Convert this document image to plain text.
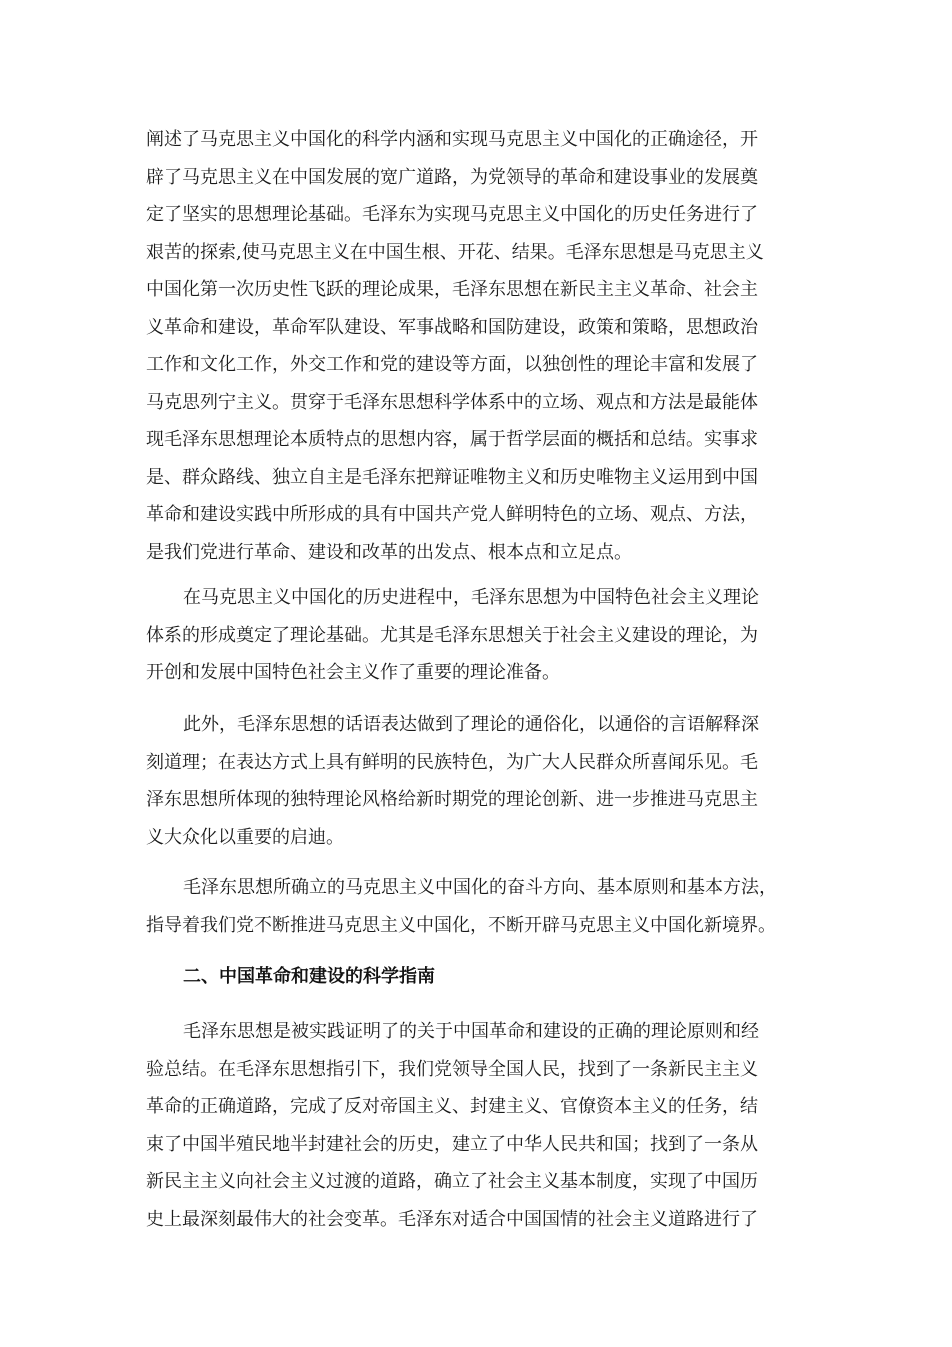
阐述了马克思主义中国化的科学内涵和实现马克思主义中国化的正确途径，开
辟了马克思主义在中国发展的宽广道路，为党领导的革命和建设事业的发展奠
定了坚实的思想理论基础。毛泽东为实现马克思主义中国化的历史任务进行了
艰苦的探索,使马克思主义在中国生根、开花、结果。毛泽东思想是马克思主义
中国化第一次历史性飞跃的理论成果，毛泽东思想在新民主主义革命、社会主
义革命和建设，革命军队建设、军事战略和国防建设，政策和策略，思想政治
工作和文化工作，外交工作和党的建设等方面，以独创性的理论丰富和发展了
马克思列宁主义。贯穿于毛泽东思想科学体系中的立场、观点和方法是最能体
现毛泽东思想理论本质特点的思想内容，属于哲学层面的概括和总结。实事求
是、群众路线、独立自主是毛泽东把辩证唯物主义和历史唯物主义运用到中国
革命和建设实践中所形成的具有中国共产党人鲜明特色的立场、观点、方法，
是我们党进行革命、建设和改革的出发点、根本点和立足点。
在马克思主义中国化的历史进程中，毛泽东思想为中国特色社会主义理论
体系的形成奠定了理论基础。尤其是毛泽东思想关于社会主义建设的理论，为
开创和发展中国特色社会主义作了重要的理论准备。
此外，毛泽东思想的话语表达做到了理论的通俗化，以通俗的言语解释深
刻道理；在表达方式上具有鲜明的民族特色，为广大人民群众所喜闻乐见。毛
泽东思想所体现的独特理论风格给新时期党的理论创新、进一步推进马克思主
义大众化以重要的启迪。
毛泽东思想所确立的马克思主义中国化的奋斗方向、基本原则和基本方法，
指导着我们党不断推进马克思主义中国化，不断开辟马克思主义中国化新境界。
二、中国革命和建设的科学指南
毛泽东思想是被实践证明了的关于中国革命和建设的正确的理论原则和经
验总结。在毛泽东思想指引下，我们党领导全国人民，找到了一条新民主主义
革命的正确道路，完成了反对帝国主义、封建主义、官僚资本主义的任务，结
束了中国半殖民地半封建社会的历史，建立了中华人民共和国；找到了一条从
新民主主义向社会主义过渡的道路，确立了社会主义基本制度，实现了中国历
史上最深刻最伟大的社会变革。毛泽东对适合中国国情的社会主义道路进行了
